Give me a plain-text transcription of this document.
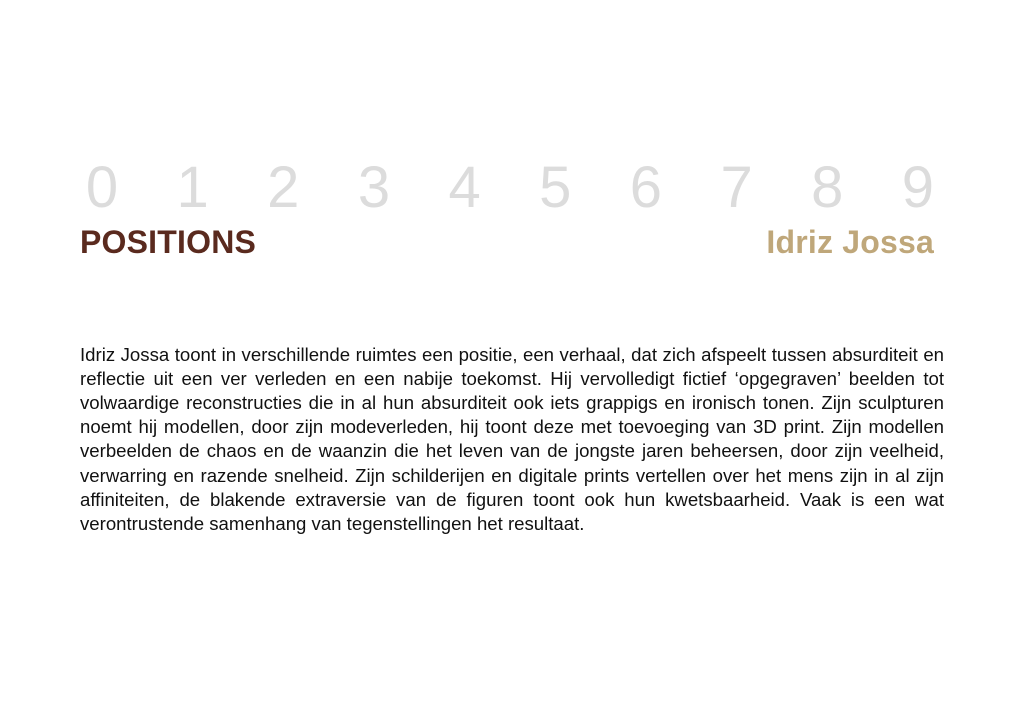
0 1 2 3 4 5 6 7 8 9
POSITIONS	Idriz Jossa

Idriz Jossa toont in verschillende ruimtes een positie, een verhaal, dat zich afspeelt tussen absurditeit en reflectie uit een ver verleden en een nabije toekomst. Hij vervolledigt fictief ‘opgegraven’ beelden tot volwaardige reconstructies die in al hun absurditeit ook iets grappigs en ironisch tonen. Zijn sculpturen noemt hij modellen, door zijn modeverleden, hij toont deze met toevoeging van 3D print. Zijn modellen verbeelden de chaos en de waanzin die het leven van de jongste jaren beheersen, door zijn veelheid, verwarring en razende snelheid. Zijn schilderijen en digitale prints vertellen over het mens zijn in al zijn affiniteiten, de blakende extraversie van de figuren toont ook hun kwetsbaarheid. Vaak is een wat verontrustende samenhang van tegenstellingen het resultaat.
